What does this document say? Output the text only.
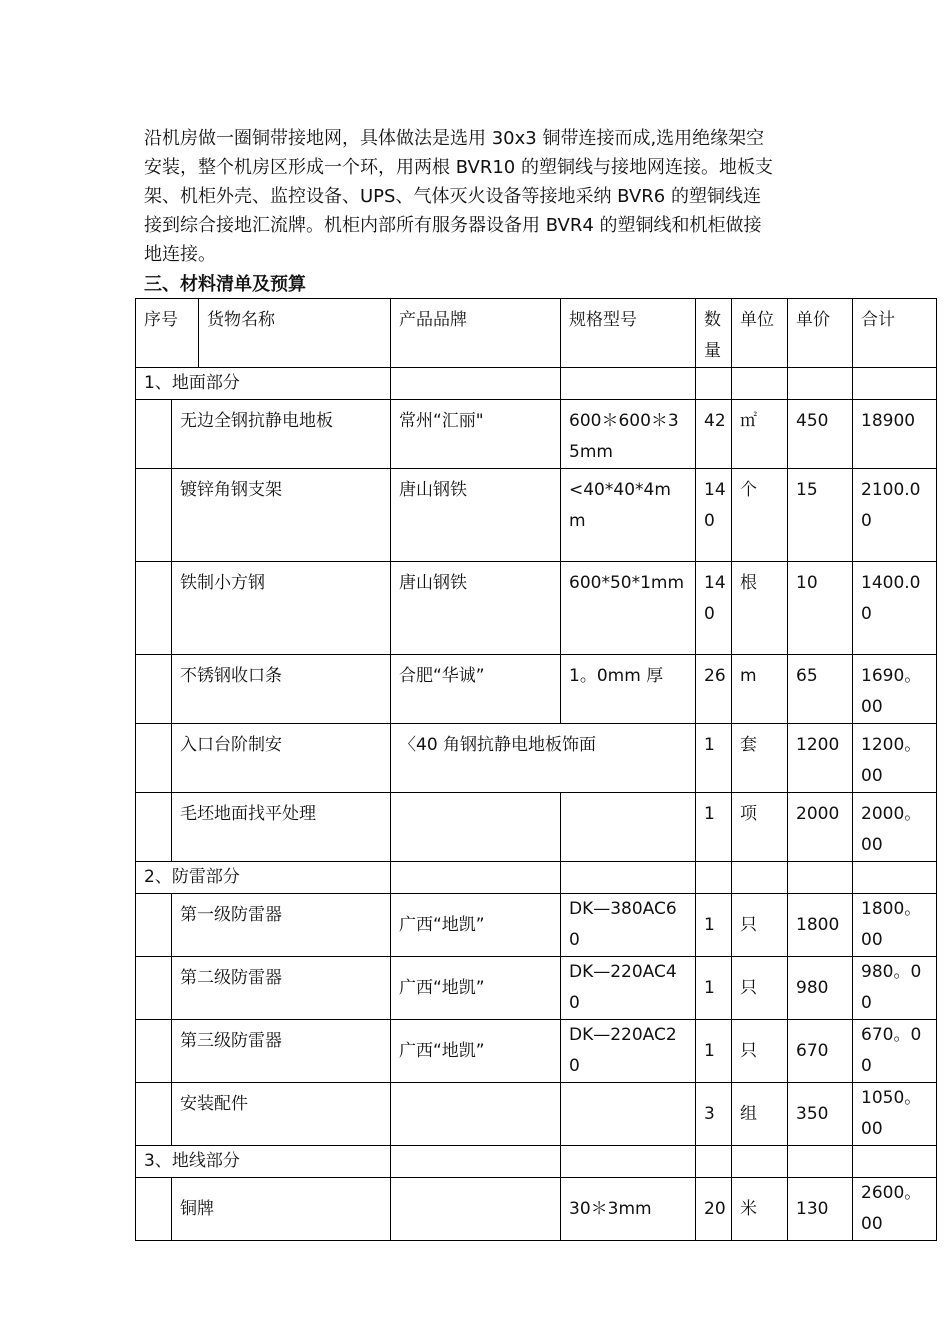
沿机房做一圈铜带接地网，具体做法是选用 30x3 铜带连接而成,选用绝缘架空
安装，整个机房区形成一个环，用两根 BVR10 的塑铜线与接地网连接。地板支
架、机柜外壳、监控设备、UPS、气体灭火设备等接地采纳 BVR6 的塑铜线连
接到综合接地汇流牌。机柜内部所有服务器设备用 BVR4 的塑铜线和机柜做接
地连接。
三、材料清单及预算
序号		货物名称	产品品牌	规格型号	数量	单位	单价	合计
1、地面部分								
	无边全钢抗静电地板		常州“汇丽"	600＊600＊35mm	42	㎡	450	18900
	镀锌角钢支架		唐山钢铁	<40*40*4mm	140	个	15	2100.00
	铁制小方钢		唐山钢铁	600*50*1mm	140	根	10	1400.00
	不锈钢收口条		合肥“华诚”	1。0mm 厚	26	m	65	1690。00
	入口台阶制安		〈40 角钢抗静电地板饰面		1	套	1200	1200。00
	毛坯地面找平处理				1	项	2000	2000。00
2、防雷部分								
	第一级防雷器		广西“地凯”	DK—380AC60	1	只	1800	1800。00
	第二级防雷器		广西“地凯”	DK—220AC40	1	只	980	980。00
	第三级防雷器		广西“地凯”	DK—220AC20	1	只	670	670。00
	安装配件				3	组	350	1050。00
3、地线部分								
	铜牌			30＊3mm	20	米	130	2600。00
